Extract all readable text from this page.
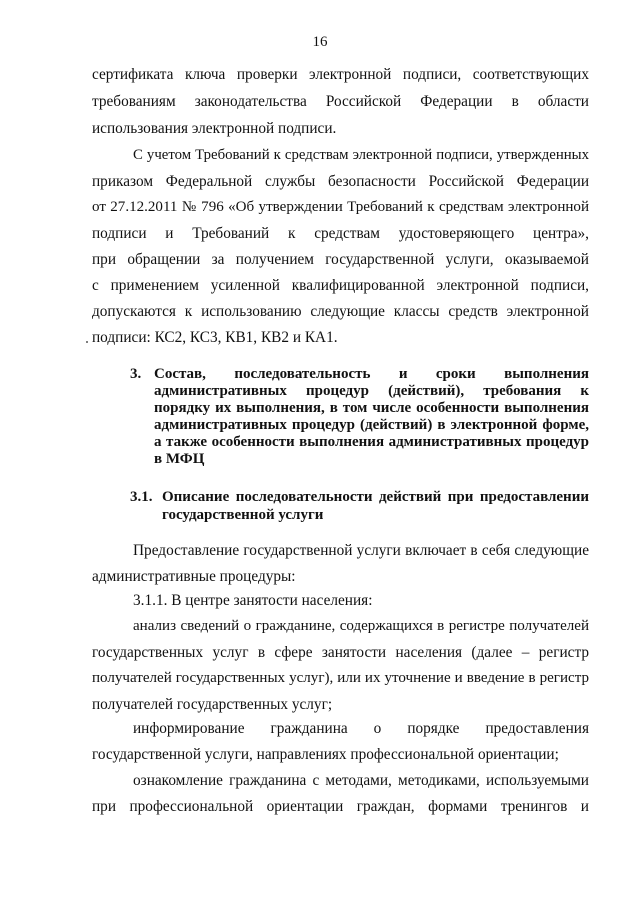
16
сертификата ключа проверки электронной подписи, соответствующих
требованиям законодательства Российской Федерации в области
использования электронной подписи.
С учетом Требований к средствам электронной подписи, утвержденных
приказом Федеральной службы безопасности Российской Федерации
от 27.12.2011 № 796 «Об утверждении Требований к средствам электронной
подписи и Требований к средствам удостоверяющего центра»,
при обращении за получением государственной услуги, оказываемой
с применением усиленной квалифицированной электронной подписи,
допускаются к использованию следующие классы средств электронной
подписи: КС2, КС3, КВ1, КВ2 и КА1.
3. Состав, последовательность и сроки выполнения
административных процедур (действий), требования к
порядку их выполнения, в том числе особенности выполнения
административных процедур (действий) в электронной форме,
а также особенности выполнения административных процедур
в МФЦ
3.1. Описание последовательности действий при предоставлении
государственной услуги
Предоставление государственной услуги включает в себя следующие
административные процедуры:
3.1.1. В центре занятости населения:
анализ сведений о гражданине, содержащихся в регистре получателей
государственных услуг в сфере занятости населения (далее – регистр
получателей государственных услуг), или их уточнение и введение в регистр
получателей государственных услуг;
информирование гражданина о порядке предоставления
государственной услуги, направлениях профессиональной ориентации;
ознакомление гражданина с методами, методиками, используемыми
при профессиональной ориентации граждан, формами тренингов и
